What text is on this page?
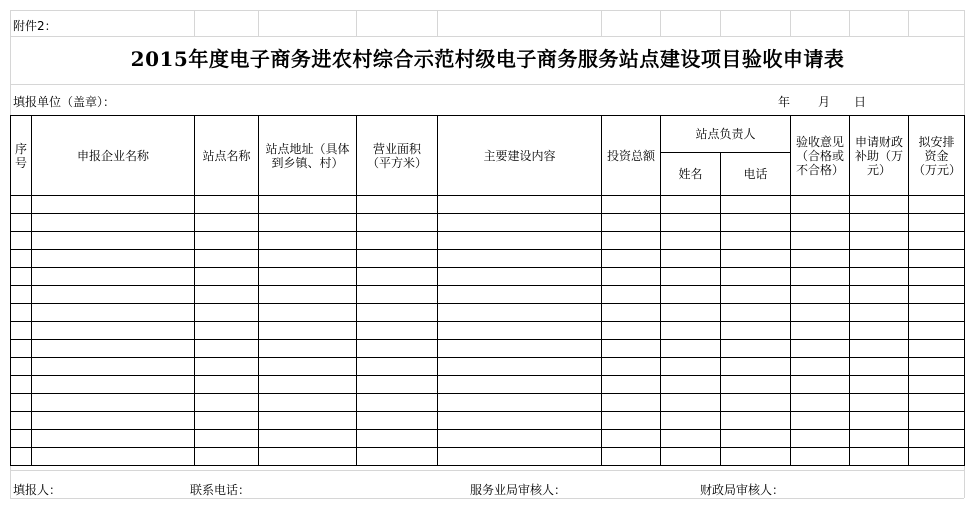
附件2：
2015年度电子商务进农村综合示范村级电子商务服务站点建设项目验收申请表
填报单位（盖章）：	年 月 日
序号	申报企业名称	站点名称	站点地址（具体到乡镇、村）	营业面积（平方米）	主要建设内容	投资总额	站点负责人		验收意见（合格或不合格）	申请财政补助（万元）	拟安排资金（万元）
							姓名	电话			

填报人：	联系电话：	服务业局审核人：	财政局审核人：
